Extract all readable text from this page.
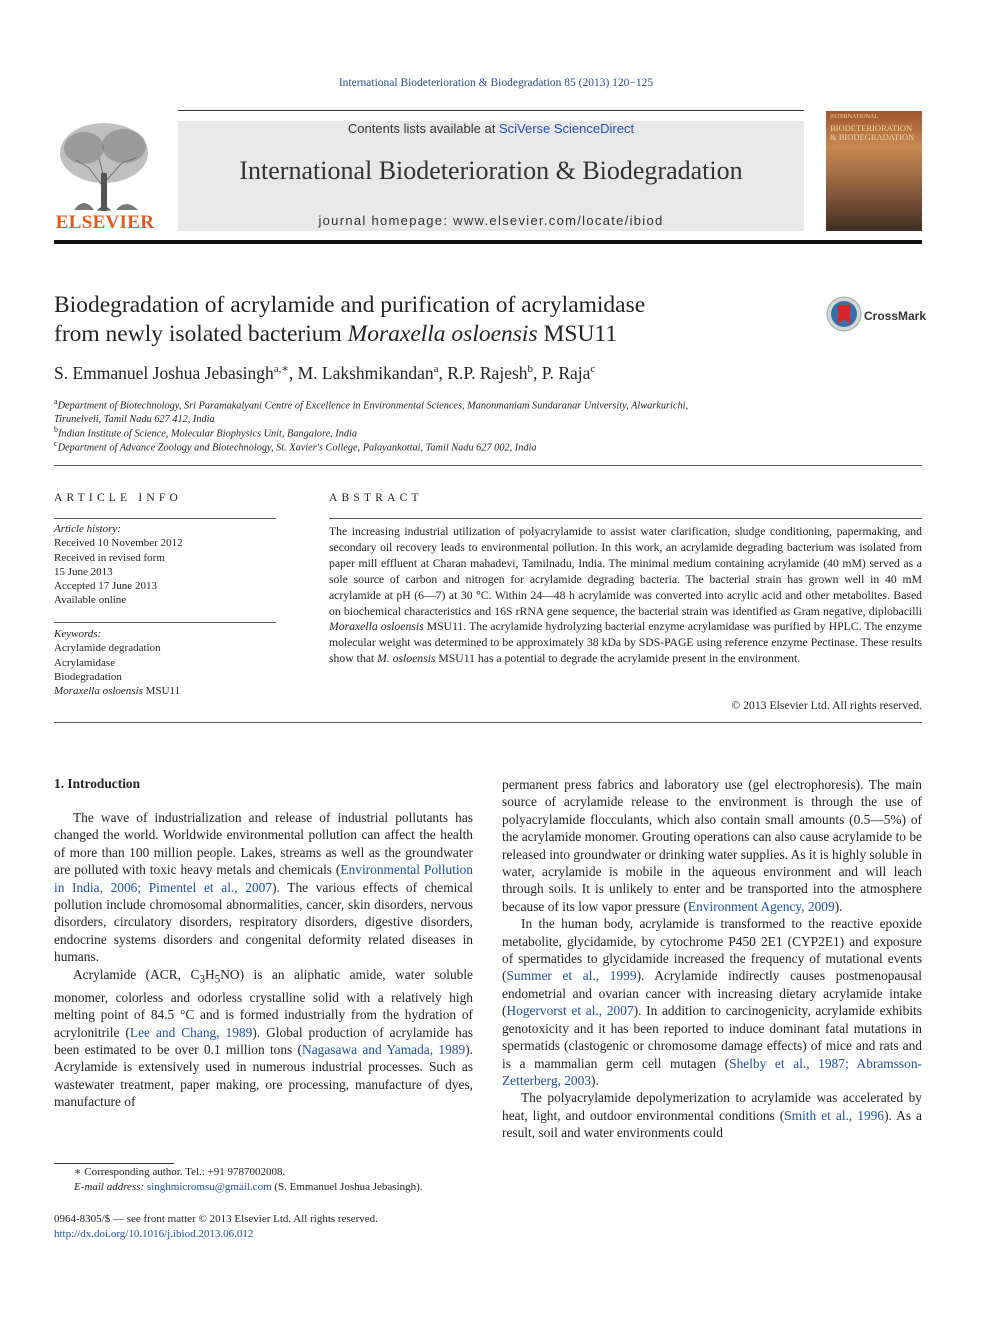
International Biodeterioration & Biodegradation 85 (2013) 120−125
Contents lists available at SciVerse ScienceDirect
International Biodeterioration & Biodegradation
journal homepage: www.elsevier.com/locate/ibiod
ELSEVIER
INTERNATIONAL
BIODETERIORATION & BIODEGRADATION
Biodegradation of acrylamide and purification of acrylamidase
from newly isolated bacterium Moraxella osloensis MSU11
CrossMark
S. Emmanuel Joshua Jebasingh$^{a,∗}$, M. Lakshmikandan$^a$, R.P. Rajesh$^b$, P. Raja$^c$
$^a$Department of Biotechnology, Sri Paramakalyani Centre of Excellence in Environmental Sciences, Manonmaniam Sundaranar University, Alwarkurichi,
Tirunelveli, Tamil Nadu 627 412, India
$^b$Indian Institute of Science, Molecular Biophysics Unit, Bangalore, India
$^c$Department of Advance Zoology and Biotechnology, St. Xavier's College, Palayankottai, Tamil Nadu 627 002, India
ARTICLE INFO
Article history:
Received 10 November 2012
Received in revised form
15 June 2013
Accepted 17 June 2013
Available online
Keywords:
Acrylamide degradation
Acrylamidase
Biodegradation
Moraxella osloensis MSU11
ABSTRACT
The increasing industrial utilization of polyacrylamide to assist water clarification, sludge conditioning, papermaking, and secondary oil recovery leads to environmental pollution. In this work, an acrylamide degrading bacterium was isolated from paper mill effluent at Charan mahadevi, Tamilnadu, India. The minimal medium containing acrylamide (40 mM) served as a sole source of carbon and nitrogen for acrylamide degrading bacteria. The bacterial strain has grown well in 40 mM acrylamide at pH (6—7) at 30 °C. Within 24—48 h acrylamide was converted into acrylic acid and other metabolites. Based on biochemical characteristics and 16S rRNA gene sequence, the bacterial strain was identified as Gram negative, diplobacilli Moraxella osloensis MSU11. The acrylamide hydrolyzing bacterial enzyme acrylamidase was purified by HPLC. The enzyme molecular weight was determined to be approximately 38 kDa by SDS-PAGE using reference enzyme Pectinase. These results show that M. osloensis MSU11 has a potential to degrade the acrylamide present in the environment.
© 2013 Elsevier Ltd. All rights reserved.
1. Introduction

The wave of industrialization and release of industrial pollutants has changed the world. Worldwide environmental pollution can affect the health of more than 100 million people. Lakes, streams as well as the groundwater are polluted with toxic heavy metals and chemicals (Environmental Pollution in India, 2006; Pimentel et al., 2007). The various effects of chemical pollution include chromosomal abnormalities, cancer, skin disorders, nervous disorders, circulatory disorders, respiratory disorders, digestive disorders, endocrine systems disorders and congenital deformity related diseases in humans.

Acrylamide (ACR, $C_3H_5NO$) is an aliphatic amide, water soluble monomer, colorless and odorless crystalline solid with a relatively high melting point of 84.5 °C and is formed industrially from the hydration of acrylonitrile (Lee and Chang, 1989). Global production of acrylamide has been estimated to be over 0.1 million tons (Nagasawa and Yamada, 1989). Acrylamide is extensively used in numerous industrial processes. Such as wastewater treatment, paper making, ore processing, manufacture of dyes, manufacture of

permanent press fabrics and laboratory use (gel electrophoresis). The main source of acrylamide release to the environment is through the use of polyacrylamide flocculants, which also contain small amounts (0.5—5%) of the acrylamide monomer. Grouting operations can also cause acrylamide to be released into groundwater or drinking water supplies. As it is highly soluble in water, acrylamide is mobile in the aqueous environment and will leach through soils. It is unlikely to enter and be transported into the atmosphere because of its low vapor pressure (Environment Agency, 2009).

In the human body, acrylamide is transformed to the reactive epoxide metabolite, glycidamide, by cytochrome P450 2E1 (CYP2E1) and exposure of spermatides to glycidamide increased the frequency of mutational events (Summer et al., 1999). Acrylamide indirectly causes postmenopausal endometrial and ovarian cancer with increasing dietary acrylamide intake (Hogervorst et al., 2007). In addition to carcinogenicity, acrylamide exhibits genotoxicity and it has been reported to induce dominant fatal mutations in spermatids (clastogenic or chromosome damage effects) of mice and rats and is a mammalian germ cell mutagen (Shelby et al., 1987; Abramsson-Zetterberg, 2003).

The polyacrylamide depolymerization to acrylamide was accelerated by heat, light, and outdoor environmental conditions (Smith et al., 1996). As a result, soil and water environments could

∗ Corresponding author. Tel.: +91 9787002008.
E-mail address: singhmicromsu@gmail.com (S. Emmanuel Joshua Jebasingh).
0964-8305/$ — see front matter © 2013 Elsevier Ltd. All rights reserved.
http://dx.doi.org/10.1016/j.ibiod.2013.06.012
